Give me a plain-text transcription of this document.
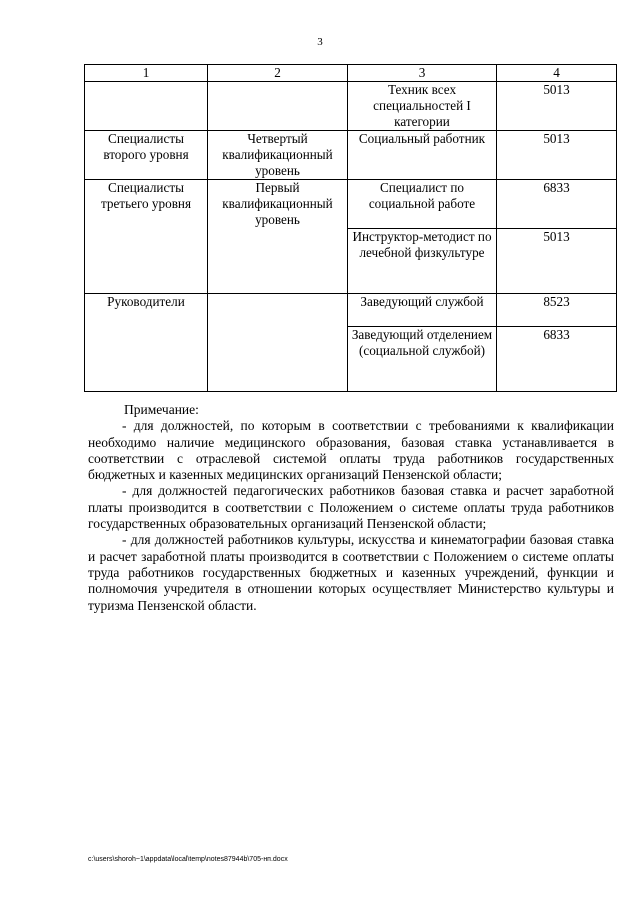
3
1	2	3	4
		Техник всех специальностей I категории	5013
Специалисты второго уровня	Четвертый квалификационный уровень	Социальный работник	5013
Специалисты третьего уровня	Первый квалификационный уровень	Специалист по социальной работе	6833
		Инструктор-методист по лечебной физкультуре	5013
Руководители		Заведующий службой	8523
		Заведующий отделением (социальной службой)	6833

Примечание:

- для должностей, по которым в соответствии с требованиями к квалификации необходимо наличие медицинского образования, базовая ставка устанавливается в соответствии с отраслевой системой оплаты труда работников государственных бюджетных и казенных медицинских организаций Пензенской области;

- для должностей педагогических работников базовая ставка и расчет заработной платы производится в соответствии с Положением о системе оплаты труда работников государственных образовательных организаций Пензенской области;

- для должностей работников культуры, искусства и кинематографии базовая ставка и расчет заработной платы производится в соответствии с Положением о системе оплаты труда работников государственных бюджетных и казенных учреждений, функции и полномочия учредителя в отношении которых осуществляет Министерство культуры и туризма Пензенской области.

c:\users\shoroh~1\appdata\local\temp\notes87944b\705-нп.docx
